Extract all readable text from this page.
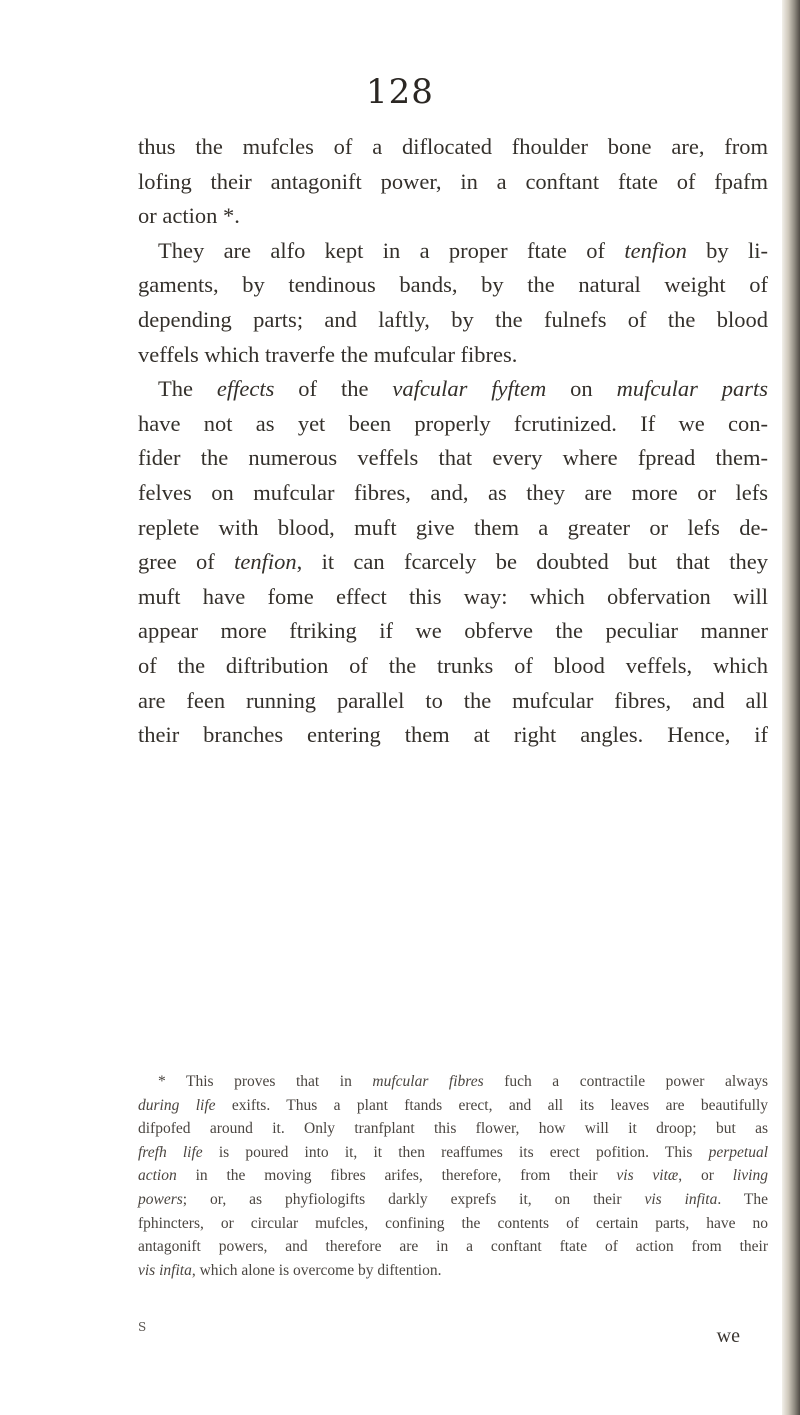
128
thus the mufcles of a diflocated fhoulder bone are, from
lofing their antagonift power, in a conftant ftate of fpafm
or action *.
They are alfo kept in a proper ftate of tenfion by li-
gaments, by tendinous bands, by the natural weight of
depending parts; and laftly, by the fulnefs of the blood
veffels which traverfe the mufcular fibres.
The effects of the vafcular fyftem on mufcular parts
have not as yet been properly fcrutinized. If we con-
fider the numerous veffels that every where fpread them-
felves on mufcular fibres, and, as they are more or lefs
replete with blood, muft give them a greater or lefs de-
gree of tenfion, it can fcarcely be doubted but that they
muft have fome effect this way: which obfervation will
appear more ftriking if we obferve the peculiar manner
of the diftribution of the trunks of blood veffels, which
are feen running parallel to the mufcular fibres, and all
their branches entering them at right angles. Hence, if
* This proves that in mufcular fibres fuch a contractile power always
during life exifts. Thus a plant ftands erect, and all its leaves are beautifully
difpofed around it. Only tranfplant this flower, how will it droop; but as
frefh life is poured into it, it then reaffumes its erect pofition. This perpetual
action in the moving fibres arifes, therefore, from their vis vitæ, or living
powers; or, as phyfiologifts darkly exprefs it, on their vis infita. The
fphincters, or circular mufcles, confining the contents of certain parts, have no
antagonift powers, and therefore are in a conftant ftate of action from their
vis infita, which alone is overcome by diftention.
S	we
